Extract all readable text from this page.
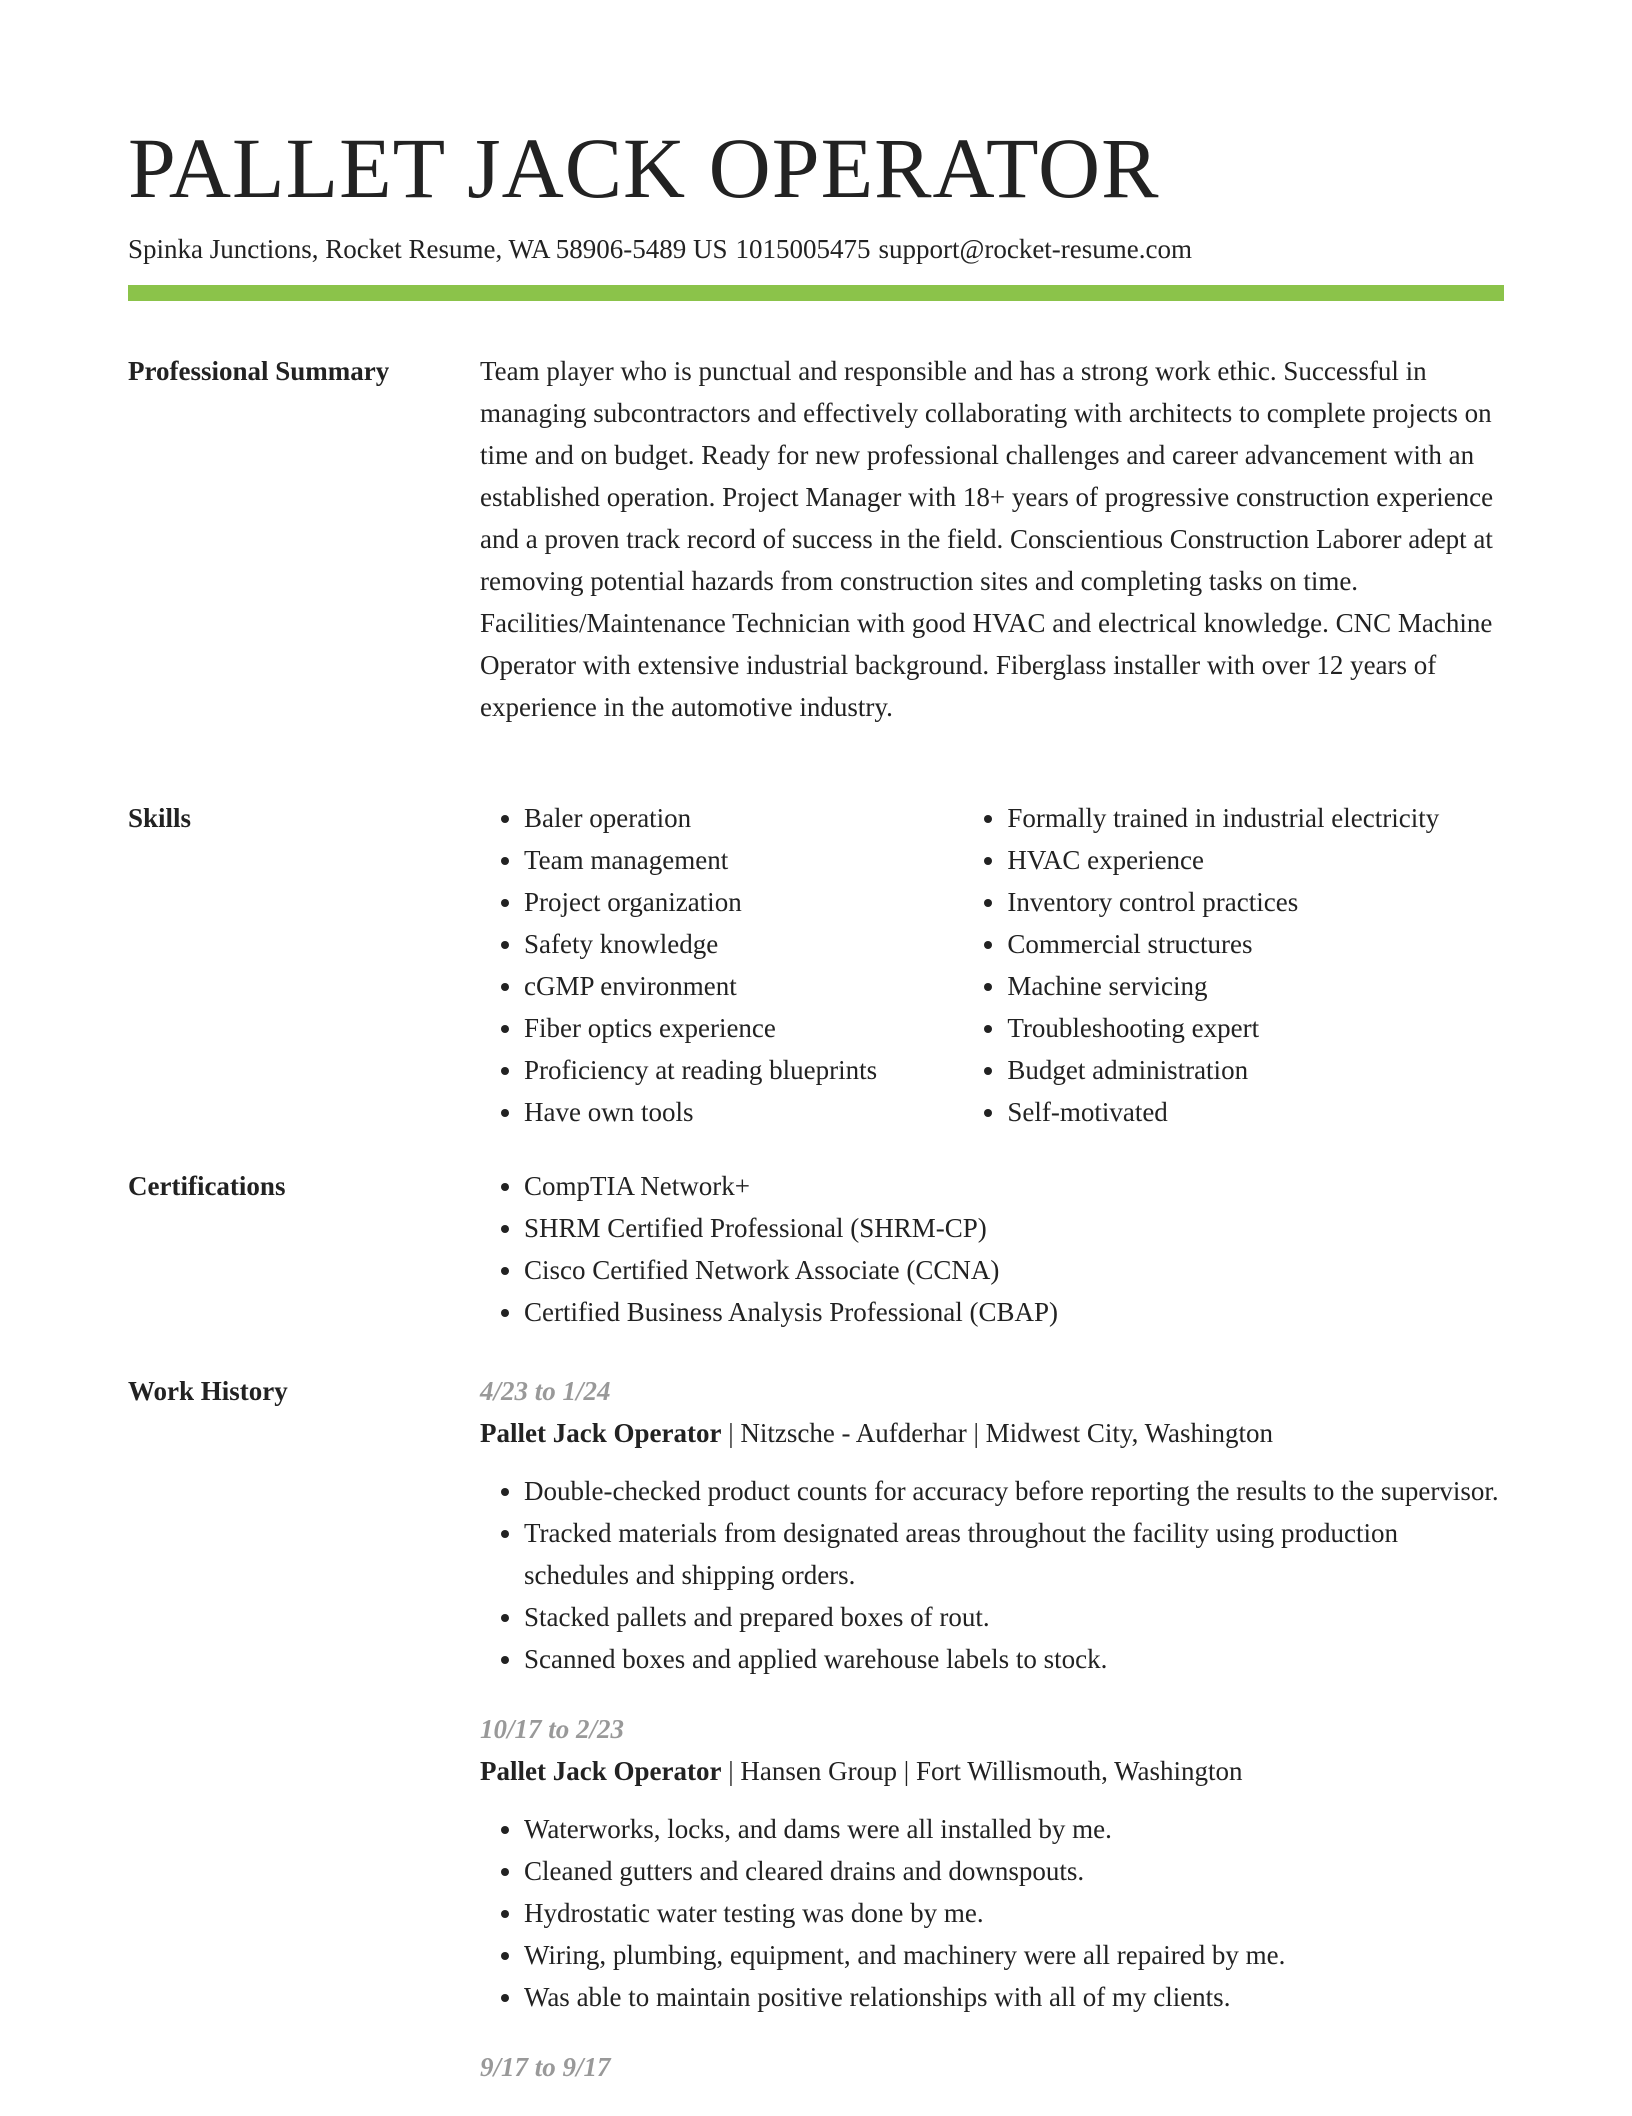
PALLET JACK OPERATOR
Spinka Junctions, Rocket Resume, WA 58906-5489 US 1015005475 support@rocket-resume.com
Professional Summary	Team player who is punctual and responsible and has a strong work ethic. Successful in managing subcontractors and effectively collaborating with architects to complete projects on time and on budget. Ready for new professional challenges and career advancement with an established operation. Project Manager with 18+ years of progressive construction experience and a proven track record of success in the field. Conscientious Construction Laborer adept at removing potential hazards from construction sites and completing tasks on time. Facilities/Maintenance Technician with good HVAC and electrical knowledge. CNC Machine Operator with extensive industrial background. Fiberglass installer with over 12 years of experience in the automotive industry.
Skills	• Baler operation
• Team management
• Project organization
• Safety knowledge
• cGMP environment
• Fiber optics experience
• Proficiency at reading blueprints
• Have own tools
• Formally trained in industrial electricity
• HVAC experience
• Inventory control practices
• Commercial structures
• Machine servicing
• Troubleshooting expert
• Budget administration
• Self-motivated
Certifications	• CompTIA Network+
• SHRM Certified Professional (SHRM-CP)
• Cisco Certified Network Associate (CCNA)
• Certified Business Analysis Professional (CBAP)
Work History	4/23 to 1/24
Pallet Jack Operator | Nitzsche - Aufderhar | Midwest City, Washington
• Double-checked product counts for accuracy before reporting the results to the supervisor.
• Tracked materials from designated areas throughout the facility using production schedules and shipping orders.
• Stacked pallets and prepared boxes of rout.
• Scanned boxes and applied warehouse labels to stock.
10/17 to 2/23
Pallet Jack Operator | Hansen Group | Fort Willismouth, Washington
• Waterworks, locks, and dams were all installed by me.
• Cleaned gutters and cleared drains and downspouts.
• Hydrostatic water testing was done by me.
• Wiring, plumbing, equipment, and machinery were all repaired by me.
• Was able to maintain positive relationships with all of my clients.
9/17 to 9/17
